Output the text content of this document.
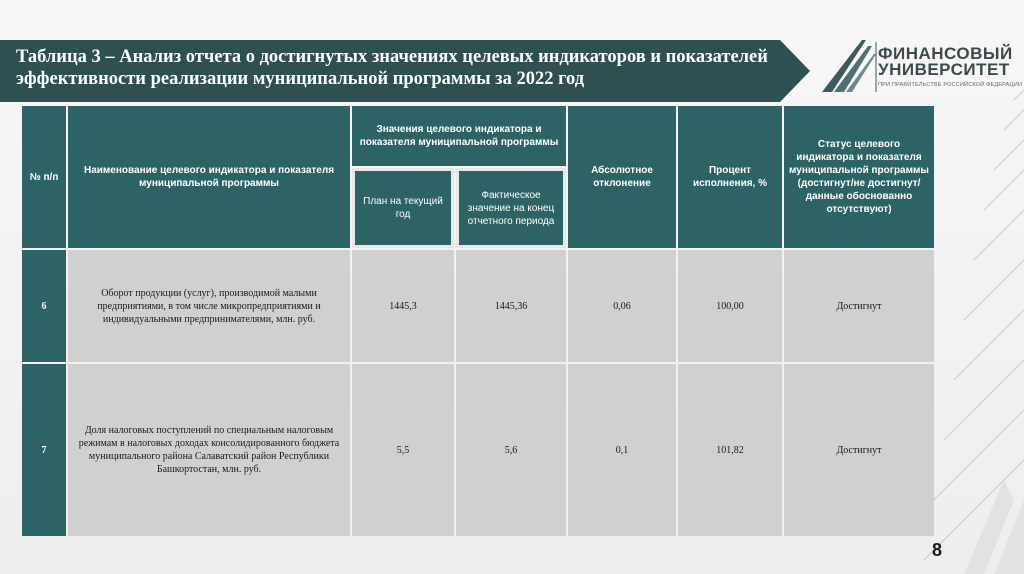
Таблица 3 – Анализ отчета о достигнутых значениях целевых индикаторов и показателей эффективности реализации муниципальной программы за 2022 год
ФИНАНСОВЫЙ УНИВЕРСИТЕТ
ПРИ ПРАВИТЕЛЬСТВЕ РОССИЙСКОЙ ФЕДЕРАЦИИ
№ п/п	Наименование целевого индикатора и показателя муниципальной программы	Значения целевого индикатора и показателя муниципальной программы		Абсолютное отклонение	Процент исполнения, %	Статус целевого индикатора и показателя муниципальной программы (достигнут/не достигнут/данные обоснованно отсутствуют)
		План на текущий год	Фактическое значение на конец отчетного периода			
6	Оборот продукции (услуг), производимой малыми предприятиями, в том числе микропредприятиями и индивидуальными предпринимателями, млн. руб.	1445,3	1445,36	0,06	100,00	Достигнут
7	Доля налоговых поступлений по специальным налоговым режимам в налоговых доходах консолидированного бюджета муниципального района Салаватский район Республики Башкортостан, млн. руб.	5,5	5,6	0,1	101,82	Достигнут
8
